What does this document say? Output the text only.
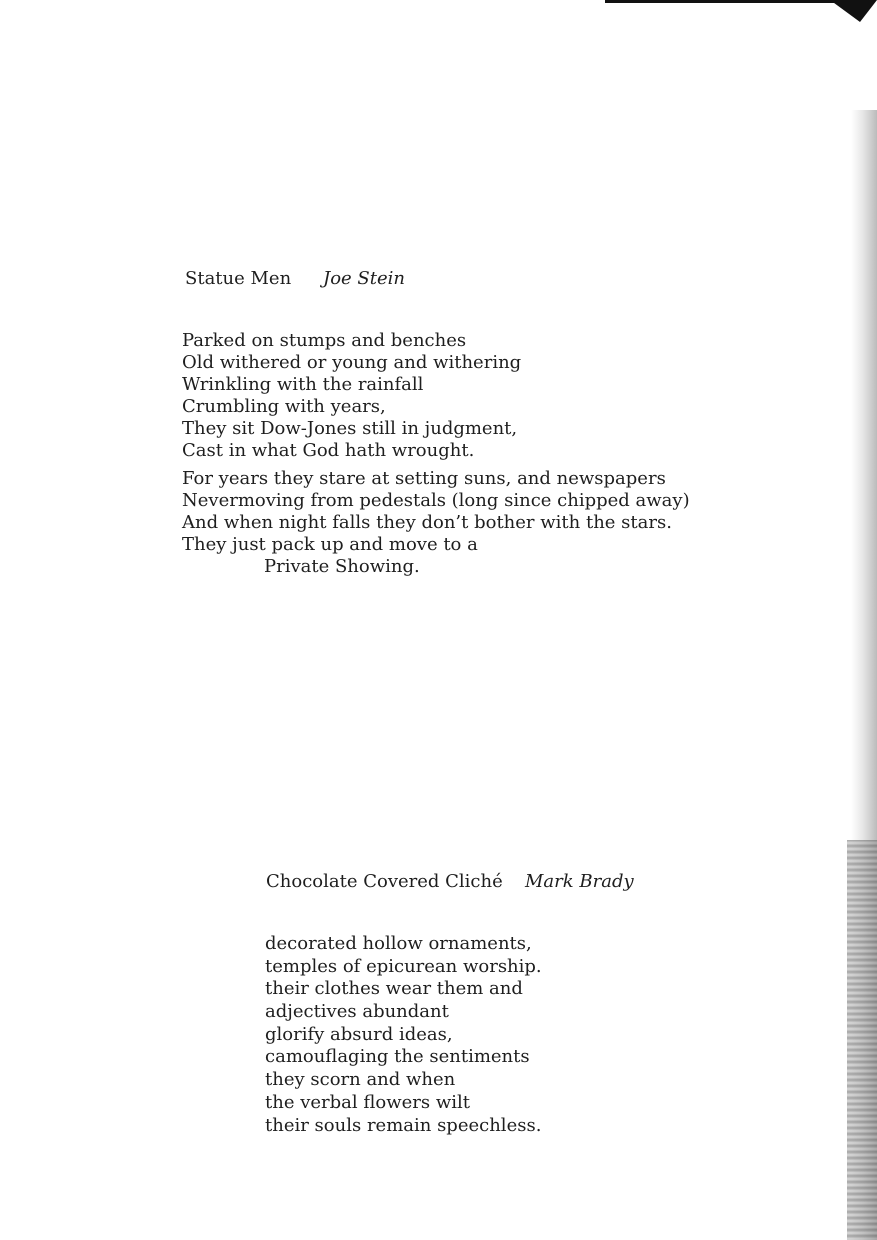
Statue Men Joe Stein
Parked on stumps and benches
Old withered or young and withering
Wrinkling with the rainfall
Crumbling with years,
They sit Dow-Jones still in judgment,
Cast in what God hath wrought.
For years they stare at setting suns, and newspapers
Nevermoving from pedestals (long since chipped away)
And when night falls they don’t bother with the stars.
They just pack up and move to a
Private Showing.
Chocolate Covered Cliché Mark Brady
decorated hollow ornaments,
temples of epicurean worship.
their clothes wear them and
adjectives abundant
glorify absurd ideas,
camouflaging the sentiments
they scorn and when
the verbal flowers wilt
their souls remain speechless.
